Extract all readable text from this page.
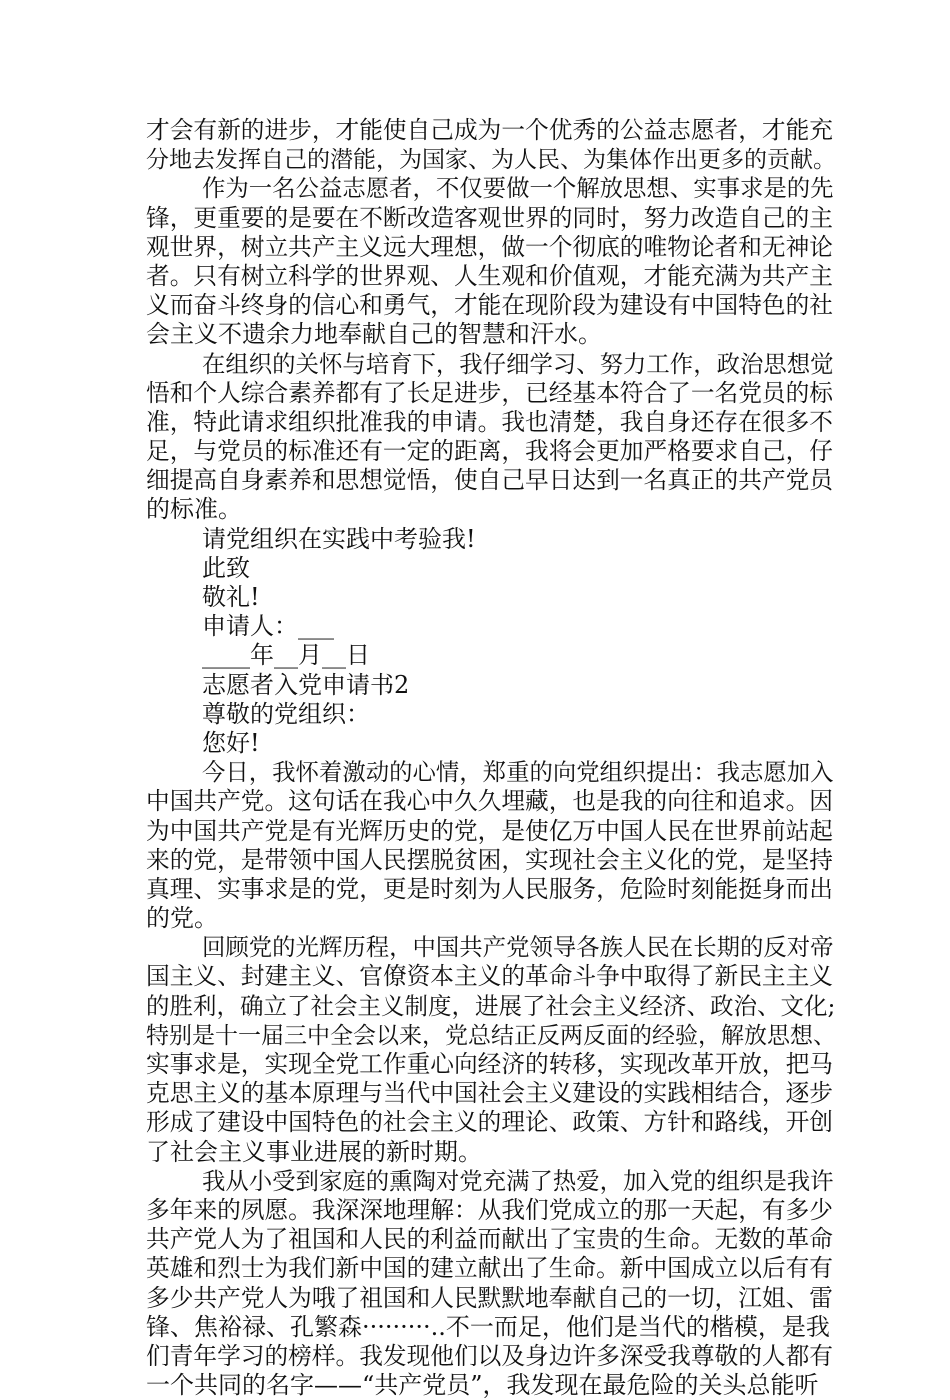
才会有新的进步，才能使自己成为一个优秀的公益志愿者，才能充
分地去发挥自己的潜能，为国家、为人民、为集体作出更多的贡献。
作为一名公益志愿者，不仅要做一个解放思想、实事求是的先
锋，更重要的是要在不断改造客观世界的同时，努力改造自己的主
观世界，树立共产主义远大理想，做一个彻底的唯物论者和无神论
者。只有树立科学的世界观、人生观和价值观，才能充满为共产主
义而奋斗终身的信心和勇气，才能在现阶段为建设有中国特色的社
会主义不遗余力地奉献自己的智慧和汗水。
在组织的关怀与培育下，我仔细学习、努力工作，政治思想觉
悟和个人综合素养都有了长足进步，已经基本符合了一名党员的标
准，特此请求组织批准我的申请。我也清楚，我自身还存在很多不
足，与党员的标准还有一定的距离，我将会更加严格要求自己，仔
细提高自身素养和思想觉悟，使自己早日达到一名真正的共产党员
的标准。
请党组织在实践中考验我!
此致
敬礼!
申请人：___
____年__月__日
志愿者入党申请书2
尊敬的党组织：
您好!
今日，我怀着激动的心情，郑重的向党组织提出：我志愿加入
中国共产党。这句话在我心中久久埋藏，也是我的向往和追求。因
为中国共产党是有光辉历史的党，是使亿万中国人民在世界前站起
来的党，是带领中国人民摆脱贫困，实现社会主义化的党，是坚持
真理、实事求是的党，更是时刻为人民服务，危险时刻能挺身而出
的党。
回顾党的光辉历程，中国共产党领导各族人民在长期的反对帝
国主义、封建主义、官僚资本主义的革命斗争中取得了新民主主义
的胜利，确立了社会主义制度，进展了社会主义经济、政治、文化;
特别是十一届三中全会以来，党总结正反两反面的经验，解放思想、
实事求是，实现全党工作重心向经济的转移，实现改革开放，把马
克思主义的基本原理与当代中国社会主义建设的实践相结合，逐步
形成了建设中国特色的社会主义的理论、政策、方针和路线，开创
了社会主义事业进展的新时期。
我从小受到家庭的熏陶对党充满了热爱，加入党的组织是我许
多年来的夙愿。我深深地理解：从我们党成立的那一天起，有多少
共产党人为了祖国和人民的利益而献出了宝贵的生命。无数的革命
英雄和烈士为我们新中国的建立献出了生命。新中国成立以后有有
多少共产党人为哦了祖国和人民默默地奉献自己的一切，江姐、雷
锋、焦裕禄、孔繁森·········..不一而足，他们是当代的楷模，是我
们青年学习的榜样。我发现他们以及身边许多深受我尊敬的人都有
一个共同的名字——“共产党员”，我发现在最危险的关头总能听
